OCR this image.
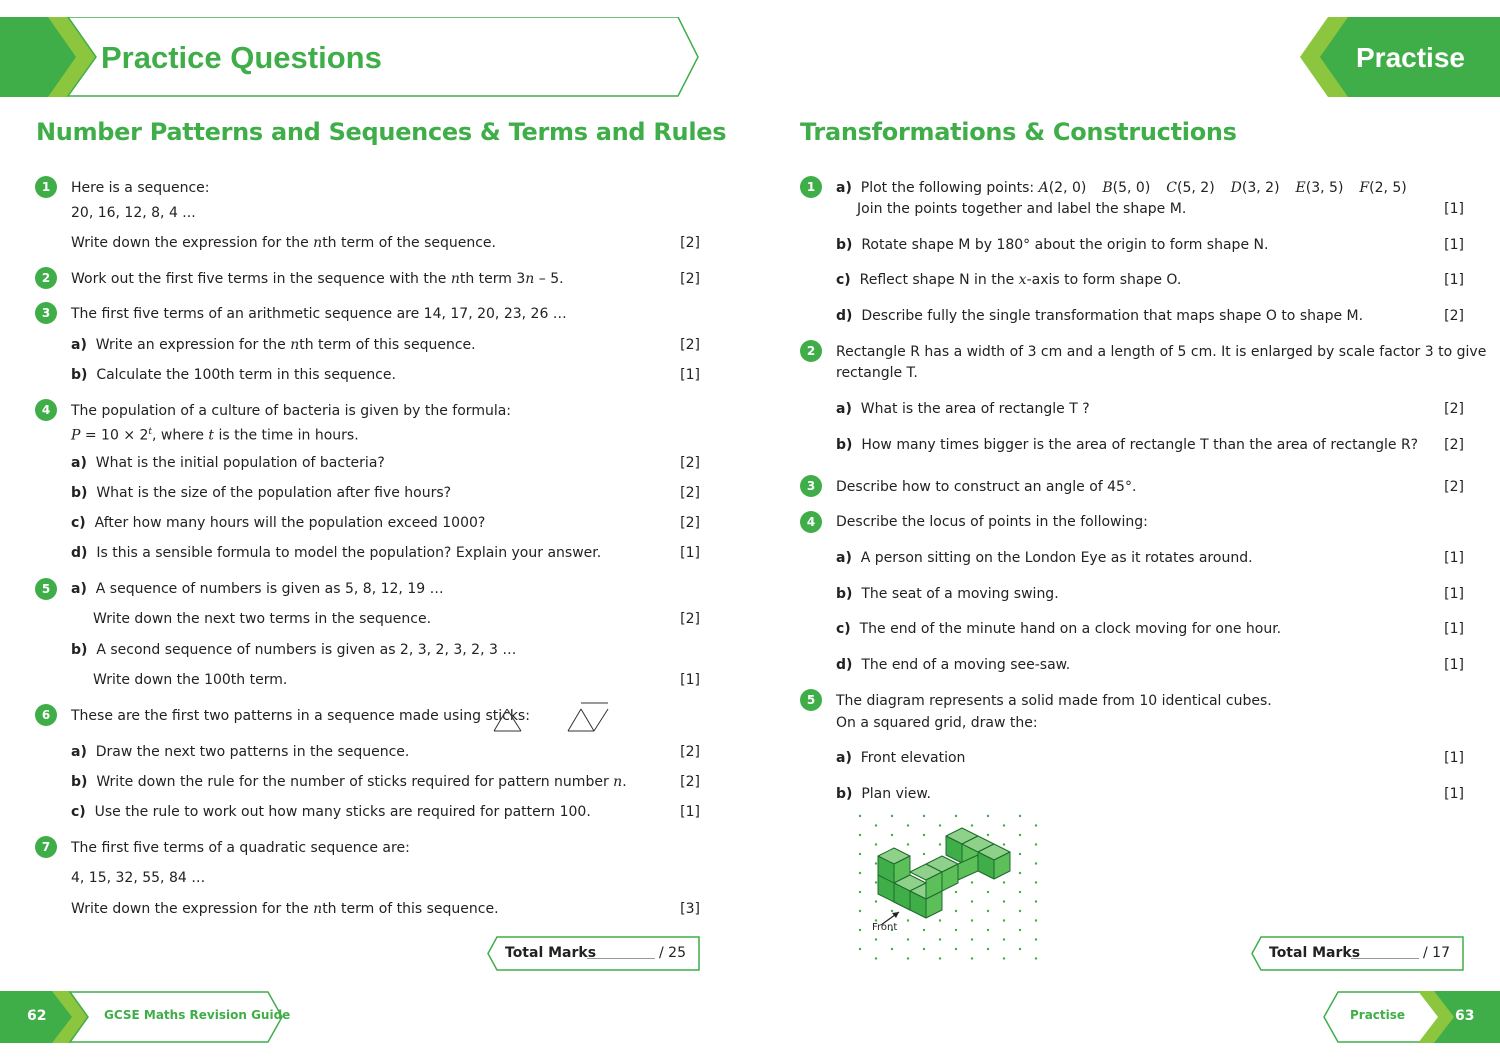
Practice Questions	Practise
Number Patterns and Sequences & Terms and Rules	Transformations & Constructions
1	Here is a sequence:
20, 16, 12, 8, 4 ...
Write down the expression for the nth term of the sequence.	[2]
2	Work out the first five terms in the sequence with the nth term 3n – 5.	[2]
3	The first five terms of an arithmetic sequence are 14, 17, 20, 23, 26 …
a) Write an expression for the nth term of this sequence.	[2]
b) Calculate the 100th term in this sequence.	[1]
4	The population of a culture of bacteria is given by the formula:
$P = 10 \times 2^t$, where t is the time in hours.
a) What is the initial population of bacteria?	[2]
b) What is the size of the population after five hours?	[2]
c) After how many hours will the population exceed 1000?	[2]
d) Is this a sensible formula to model the population? Explain your answer.	[1]
5	a) A sequence of numbers is given as 5, 8, 12, 19 …
Write down the next two terms in the sequence.	[2]
b) A second sequence of numbers is given as 2, 3, 2, 3, 2, 3 …
Write down the 100th term.	[1]
6	These are the first two patterns in a sequence made using sticks:
a) Draw the next two patterns in the sequence.	[2]
b) Write down the rule for the number of sticks required for pattern number n.	[2]
c) Use the rule to work out how many sticks are required for pattern 100.	[1]
7	The first five terms of a quadratic sequence are:
4, 15, 32, 55, 84 …
Write down the expression for the nth term of this sequence.	[3]
Total Marks	/ 25
1	a) Plot the following points: A(2, 0) B(5, 0) C(5, 2) D(3, 2) E(3, 5) F(2, 5)
Join the points together and label the shape M.	[1]
b) Rotate shape M by 180° about the origin to form shape N.	[1]
c) Reflect shape N in the x-axis to form shape O.	[1]
d) Describe fully the single transformation that maps shape O to shape M.	[2]
2	Rectangle R has a width of 3 cm and a length of 5 cm. It is enlarged by scale factor 3 to give
rectangle T.
a) What is the area of rectangle T ?	[2]
b) How many times bigger is the area of rectangle T than the area of rectangle R?	[2]
3	Describe how to construct an angle of 45°.	[2]
4	Describe the locus of points in the following:
a) A person sitting on the London Eye as it rotates around.	[1]
b) The seat of a moving swing.	[1]
c) The end of the minute hand on a clock moving for one hour.	[1]
d) The end of a moving see-saw.	[1]
5	The diagram represents a solid made from 10 identical cubes.
On a squared grid, draw the:
a) Front elevation	[1]
b) Plan view.	[1]
Front
Total Marks	/ 17
62	GCSE Maths Revision Guide	Practise	63
